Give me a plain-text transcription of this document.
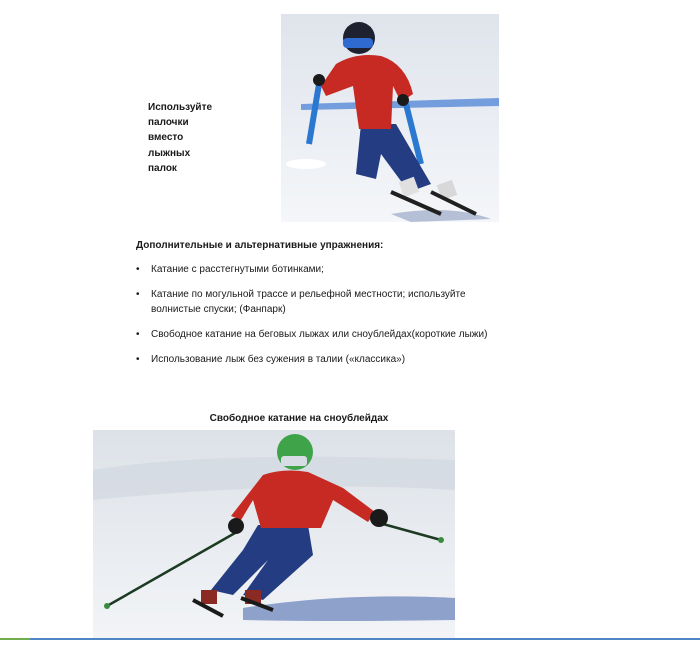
Используйте
палочки
вместо
лыжных
палок
Дополнительные и альтернативные упражнения:
• Катание с расстегнутыми ботинками;
• Катание по могульной трассе и рельефной местности; используйте
волнистые спуски; (Фанпарк)
• Свободное катание на беговых лыжах или сноублейдах(короткие лыжи)
• Использование лыж без сужения в талии («классика»)
Свободное катание на сноублейдах
